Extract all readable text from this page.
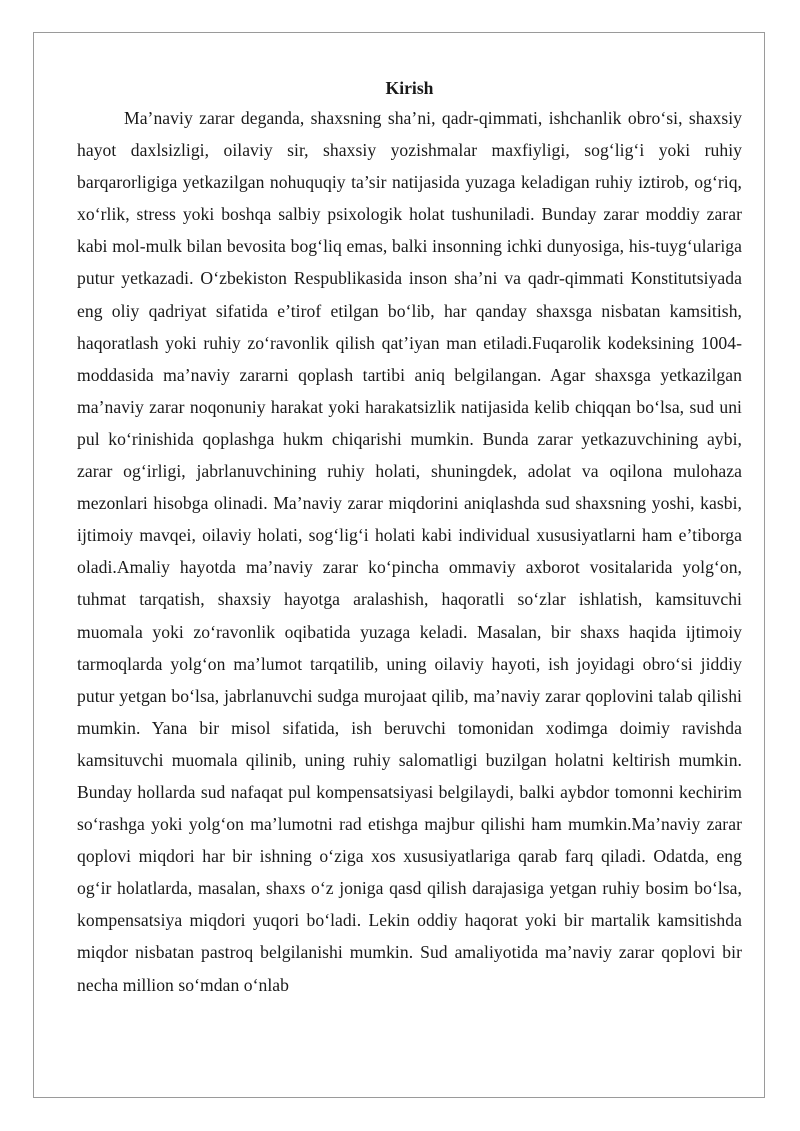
Kirish

Ma’naviy zarar deganda, shaxsning sha’ni, qadr-qimmati, ishchanlik obro‘si, shaxsiy hayot daxlsizligi, oilaviy sir, shaxsiy yozishmalar maxfiyligi, sog‘lig‘i yoki ruhiy barqarorligiga yetkazilgan nohuquqiy ta’sir natijasida yuzaga keladigan ruhiy iztirob, og‘riq, xo‘rlik, stress yoki boshqa salbiy psixologik holat tushuniladi. Bunday zarar moddiy zarar kabi mol-mulk bilan bevosita bog‘liq emas, balki insonning ichki dunyosiga, his-tuyg‘ulariga putur yetkazadi. O‘zbekiston Respublikasida inson sha’ni va qadr-qimmati Konstitutsiyada eng oliy qadriyat sifatida e’tirof etilgan bo‘lib, har qanday shaxsga nisbatan kamsitish, haqoratlash yoki ruhiy zo‘ravonlik qilish qat’iyan man etiladi.Fuqarolik kodeksining 1004-moddasida ma’naviy zararni qoplash tartibi aniq belgilangan. Agar shaxsga yetkazilgan ma’naviy zarar noqonuniy harakat yoki harakatsizlik natijasida kelib chiqqan bo‘lsa, sud uni pul ko‘rinishida qoplashga hukm chiqarishi mumkin. Bunda zarar yetkazuvchining aybi, zarar og‘irligi, jabrlanuvchining ruhiy holati, shuningdek, adolat va oqilona mulohaza mezonlari hisobga olinadi. Ma’naviy zarar miqdorini aniqlashda sud shaxsning yoshi, kasbi, ijtimoiy mavqei, oilaviy holati, sog‘lig‘i holati kabi individual xususiyatlarni ham e’tiborga oladi.Amaliy hayotda ma’naviy zarar ko‘pincha ommaviy axborot vositalarida yolg‘on, tuhmat tarqatish, shaxsiy hayotga aralashish, haqoratli so‘zlar ishlatish, kamsituvchi muomala yoki zo‘ravonlik oqibatida yuzaga keladi. Masalan, bir shaxs haqida ijtimoiy tarmoqlarda yolg‘on ma’lumot tarqatilib, uning oilaviy hayoti, ish joyidagi obro‘si jiddiy putur yetgan bo‘lsa, jabrlanuvchi sudga murojaat qilib, ma’naviy zarar qoplovini talab qilishi mumkin. Yana bir misol sifatida, ish beruvchi tomonidan xodimga doimiy ravishda kamsituvchi muomala qilinib, uning ruhiy salomatligi buzilgan holatni keltirish mumkin. Bunday hollarda sud nafaqat pul kompensatsiyasi belgilaydi, balki aybdor tomonni kechirim so‘rashga yoki yolg‘on ma’lumotni rad etishga majbur qilishi ham mumkin.Ma’naviy zarar qoplovi miqdori har bir ishning o‘ziga xos xususiyatlariga qarab farq qiladi. Odatda, eng og‘ir holatlarda, masalan, shaxs o‘z joniga qasd qilish darajasiga yetgan ruhiy bosim bo‘lsa, kompensatsiya miqdori yuqori bo‘ladi. Lekin oddiy haqorat yoki bir martalik kamsitishda miqdor nisbatan pastroq belgilanishi mumkin. Sud amaliyotida ma’naviy zarar qoplovi bir necha million so‘mdan o‘nlab
